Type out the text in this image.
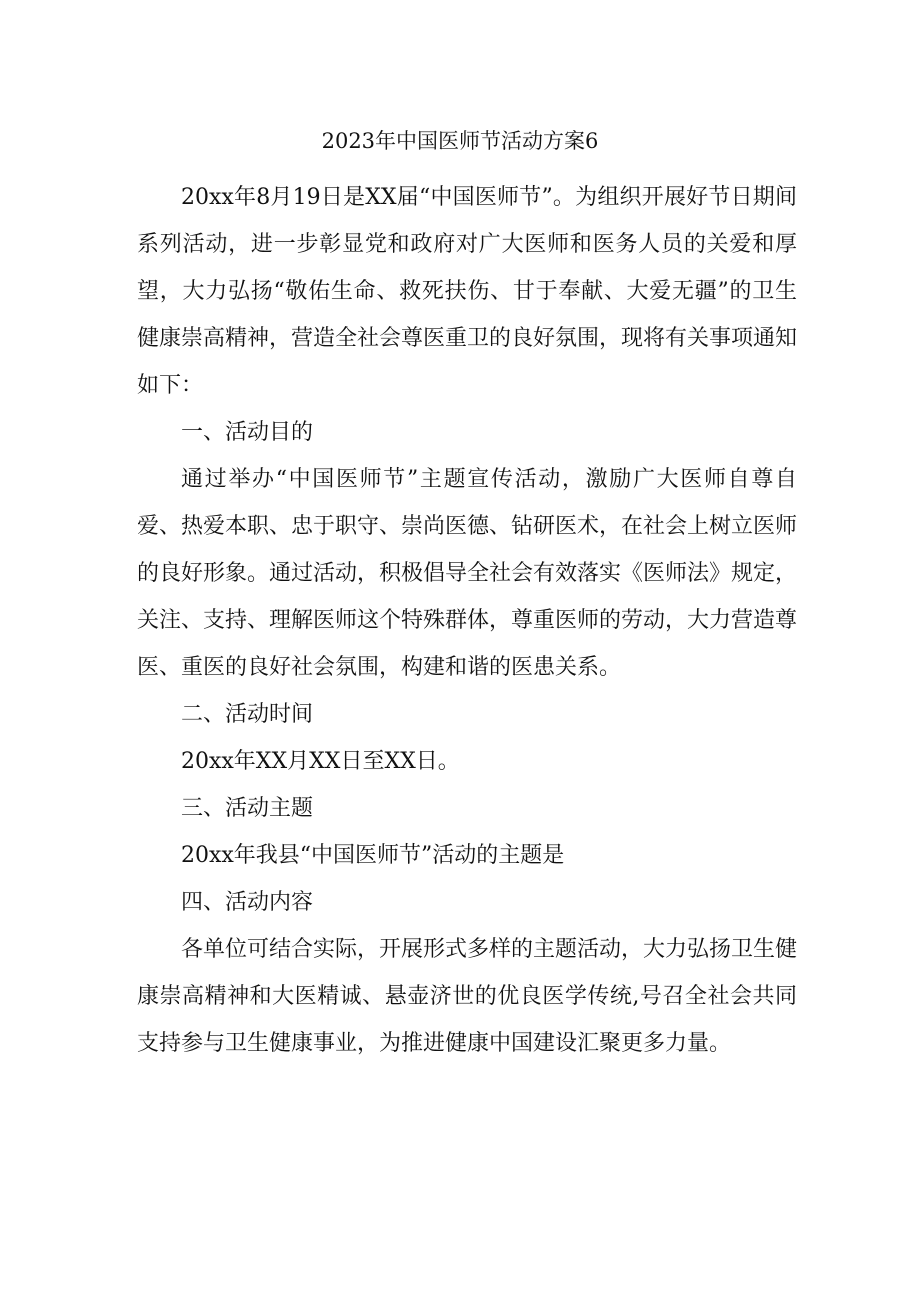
2023年中国医师节活动方案6

20xx年8月19日是XX届“中国医师节”。为组织开展好节日期间系列活动，进一步彰显党和政府对广大医师和医务人员的关爱和厚望，大力弘扬“敬佑生命、救死扶伤、甘于奉献、大爱无疆”的卫生健康崇高精神，营造全社会尊医重卫的良好氛围，现将有关事项通知如下：

一、活动目的

通过举办“中国医师节”主题宣传活动，激励广大医师自尊自爱、热爱本职、忠于职守、崇尚医德、钻研医术，在社会上树立医师的良好形象。通过活动，积极倡导全社会有效落实《医师法》规定，关注、支持、理解医师这个特殊群体，尊重医师的劳动，大力营造尊医、重医的良好社会氛围，构建和谐的医患关系。

二、活动时间

20xx年XX月XX日至XX日。

三、活动主题

20xx年我县“中国医师节”活动的主题是

四、活动内容

各单位可结合实际，开展形式多样的主题活动，大力弘扬卫生健康崇高精神和大医精诚、悬壶济世的优良医学传统,号召全社会共同支持参与卫生健康事业，为推进健康中国建设汇聚更多力量。
